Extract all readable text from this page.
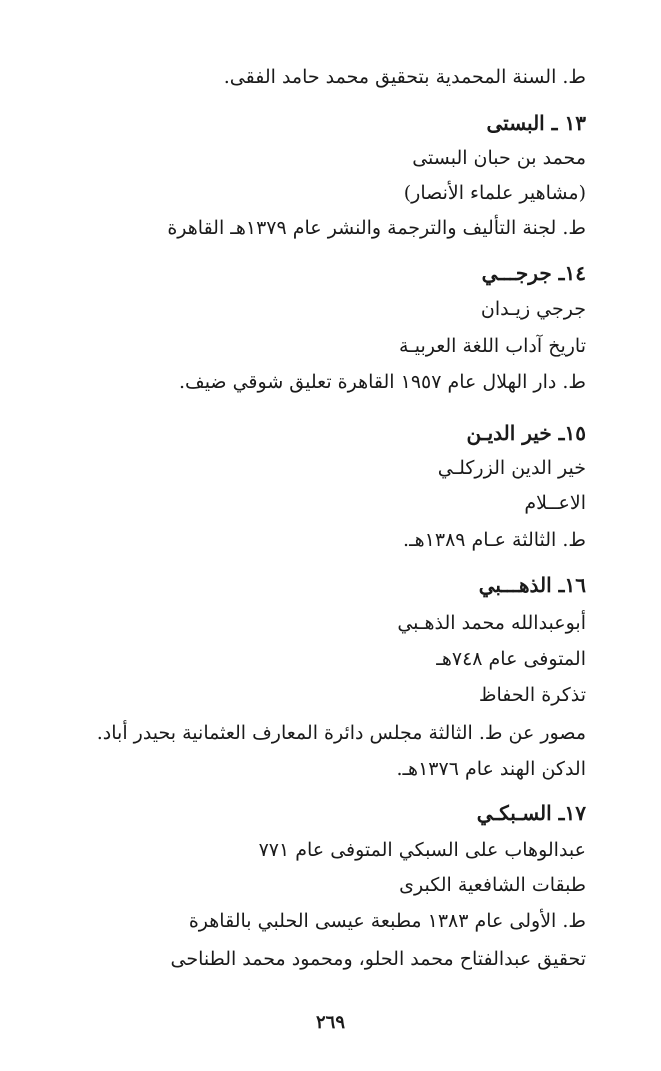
ط. السنة المحمدية بتحقيق محمد حامد الفقى.
١٣ ـ البستى
محمد بن حبان البستى
(مشاهير علماء الأنصار)
ط. لجنة التأليف والترجمة والنشر عام ١٣٧٩هـ القاهرة
١٤ـ جرجـــي
جرجي زيـدان
تاريخ آداب اللغة العربيـة
ط. دار الهلال عام ١٩٥٧ القاهرة تعليق شوقي ضيف.
١٥ـ خير الديـن
خير الدين الزركلـي
الاعــلام
ط. الثالثة عـام ١٣٨٩هـ.
١٦ـ الذهـــبي
أبوعبدالله محمد الذهـبي
المتوفى عام ٧٤٨هـ
تذكرة الحفاظ
مصور عن ط. الثالثة مجلس دائرة المعارف العثمانية بحيدر أباد.
الدكن الهند عام ١٣٧٦هـ.
١٧ـ السـبكـي
عبدالوهاب على السبكي المتوفى عام ٧٧١
طبقات الشافعية الكبرى
ط. الأولى عام ١٣٨٣ مطبعة عيسى الحلبي بالقاهرة
تحقيق عبدالفتاح محمد الحلو، ومحمود محمد الطناحى
٢٦٩
